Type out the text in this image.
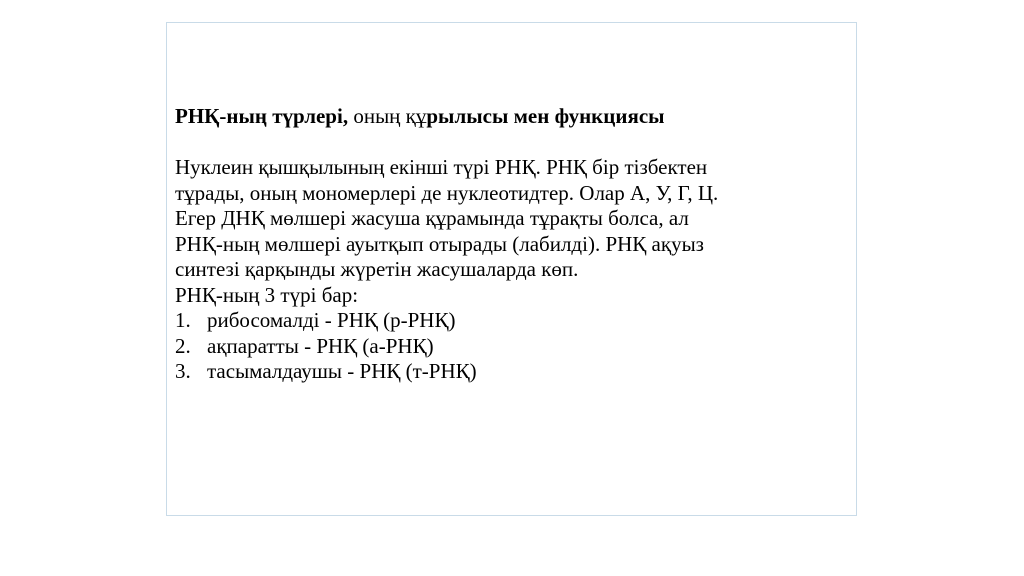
РНҚ-ның түрлері, оның құрылысы мен функциясы

Нуклеин қышқылының екінші түрі РНҚ. РНҚ бір тізбектен
тұрады, оның мономерлері де нуклеотидтер. Олар А, У, Г, Ц.
Егер ДНҚ мөлшері жасуша құрамында тұрақты болса, ал
РНҚ-ның мөлшері ауытқып отырады (лабилді). РНҚ ақуыз
синтезі қарқынды жүретін жасушаларда көп.
РНҚ-ның 3 түрі бар:

1. рибосомалді - РНҚ (р-РНҚ)
2. ақпаратты - РНҚ (а-РНҚ)
3. тасымалдаушы - РНҚ (т-РНҚ)
